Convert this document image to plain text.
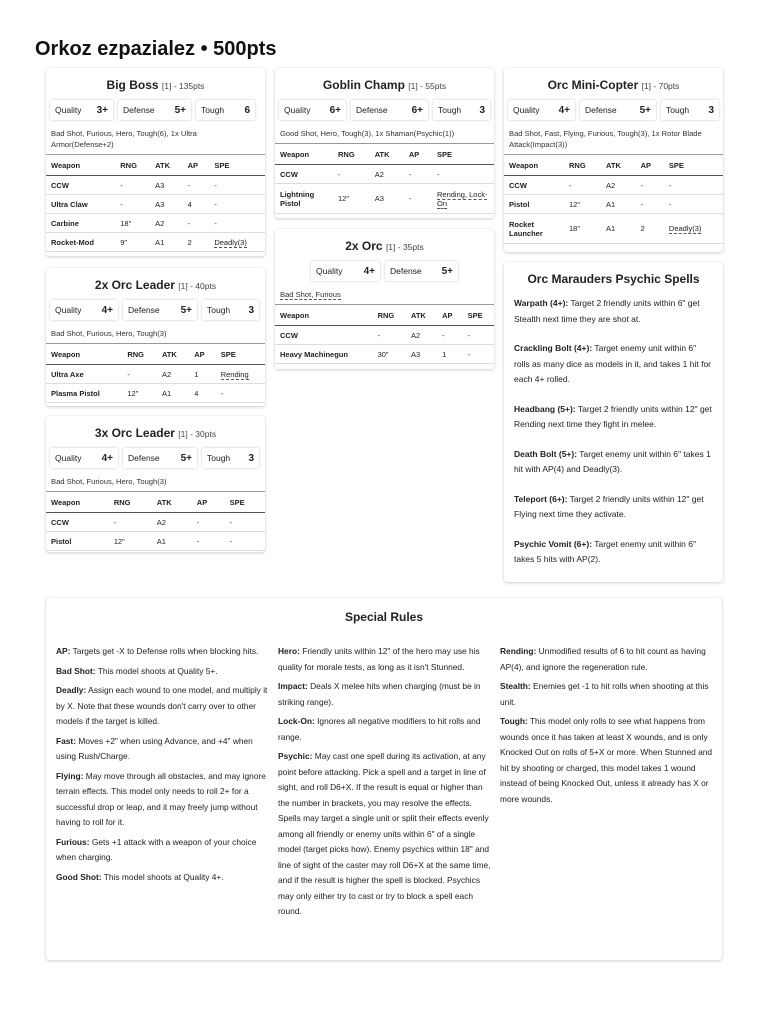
Orkoz ezpazialez • 500pts
Big Boss [1] - 135pts
Quality 3+ Defense 5+ Tough 6
Bad Shot, Furious, Hero, Tough(6), 1x Ultra Armor(Defense+2)
Weapon	RNG	ATK	AP	SPE
CCW	-	A3	-	-
Ultra Claw	-	A3	4	-
Carbine	18"	A2	-	-
Rocket-Mod	9"	A1	2	Deadly(3)
2x Orc Leader [1] - 40pts
Quality 4+ Defense 5+ Tough 3
Bad Shot, Furious, Hero, Tough(3)
Weapon	RNG	ATK	AP	SPE
Ultra Axe	-	A2	1	Rending
Plasma Pistol	12"	A1	4	-
3x Orc Leader [1] - 30pts
Quality 4+ Defense 5+ Tough 3
Bad Shot, Furious, Hero, Tough(3)
Weapon	RNG	ATK	AP	SPE
CCW	-	A2	-	-
Pistol	12"	A1	-	-
Goblin Champ [1] - 55pts
Quality 6+ Defense 6+ Tough 3
Good Shot, Hero, Tough(3), 1x Shaman(Psychic(1))
Weapon	RNG	ATK	AP	SPE
CCW	-	A2	-	-
Lightning Pistol	12"	A3	-	Rending, Lock-On
2x Orc [1] - 35pts
Quality 4+ Defense 5+
Bad Shot, Furious
Weapon	RNG	ATK	AP	SPE
CCW	-	A2	-	-
Heavy Machinegun	30"	A3	1	-
Orc Mini-Copter [1] - 70pts
Quality 4+ Defense 5+ Tough 3
Bad Shot, Fast, Flying, Furious, Tough(3), 1x Rotor Blade Attack(Impact(3))
Weapon	RNG	ATK	AP	SPE
CCW	-	A2	-	-
Pistol	12"	A1	-	-
Rocket Launcher	18"	A1	2	Deadly(3)
Orc Marauders Psychic Spells
Warpath (4+): Target 2 friendly units within 6" get Stealth next time they are shot at.
Crackling Bolt (4+): Target enemy unit within 6" rolls as many dice as models in it, and takes 1 hit for each 4+ rolled.
Headbang (5+): Target 2 friendly units within 12" get Rending next time they fight in melee.
Death Bolt (5+): Target enemy unit within 6" takes 1 hit with AP(4) and Deadly(3).
Teleport (6+): Target 2 friendly units within 12" get Flying next time they activate.
Psychic Vomit (6+): Target enemy unit within 6" takes 5 hits with AP(2).
Special Rules

AP: Targets get -X to Defense rolls when blocking hits.

Bad Shot: This model shoots at Quality 5+.

Deadly: Assign each wound to one model, and multiply it by X. Note that these wounds don't carry over to other models if the target is killed.

Fast: Moves +2" when using Advance, and +4" when using Rush/Charge.

Flying: May move through all obstacles, and may ignore terrain effects. This model only needs to roll 2+ for a successful drop or leap, and it may freely jump without having to roll for it.

Furious: Gets +1 attack with a weapon of your choice when charging.

Good Shot: This model shoots at Quality 4+.

Hero: Friendly units within 12" of the hero may use his quality for morale tests, as long as it isn't Stunned.

Impact: Deals X melee hits when charging (must be in striking range).

Lock-On: Ignores all negative modifiers to hit rolls and range.

Psychic: May cast one spell during its activation, at any point before attacking. Pick a spell and a target in line of sight, and roll D6+X. If the result is equal or higher than the number in brackets, you may resolve the effects. Spells may target a single unit or split their effects evenly among all friendly or enemy units within 6" of a single model (target picks how). Enemy psychics within 18" and line of sight of the caster may roll D6+X at the same time, and if the result is higher the spell is blocked. Psychics may only either try to cast or try to block a spell each round.

Rending: Unmodified results of 6 to hit count as having AP(4), and ignore the regeneration rule.

Stealth: Enemies get -1 to hit rolls when shooting at this unit.

Tough: This model only rolls to see what happens from wounds once it has taken at least X wounds, and is only Knocked Out on rolls of 5+X or more. When Stunned and hit by shooting or charged, this model takes 1 wound instead of being Knocked Out, unless it already has X or more wounds.
